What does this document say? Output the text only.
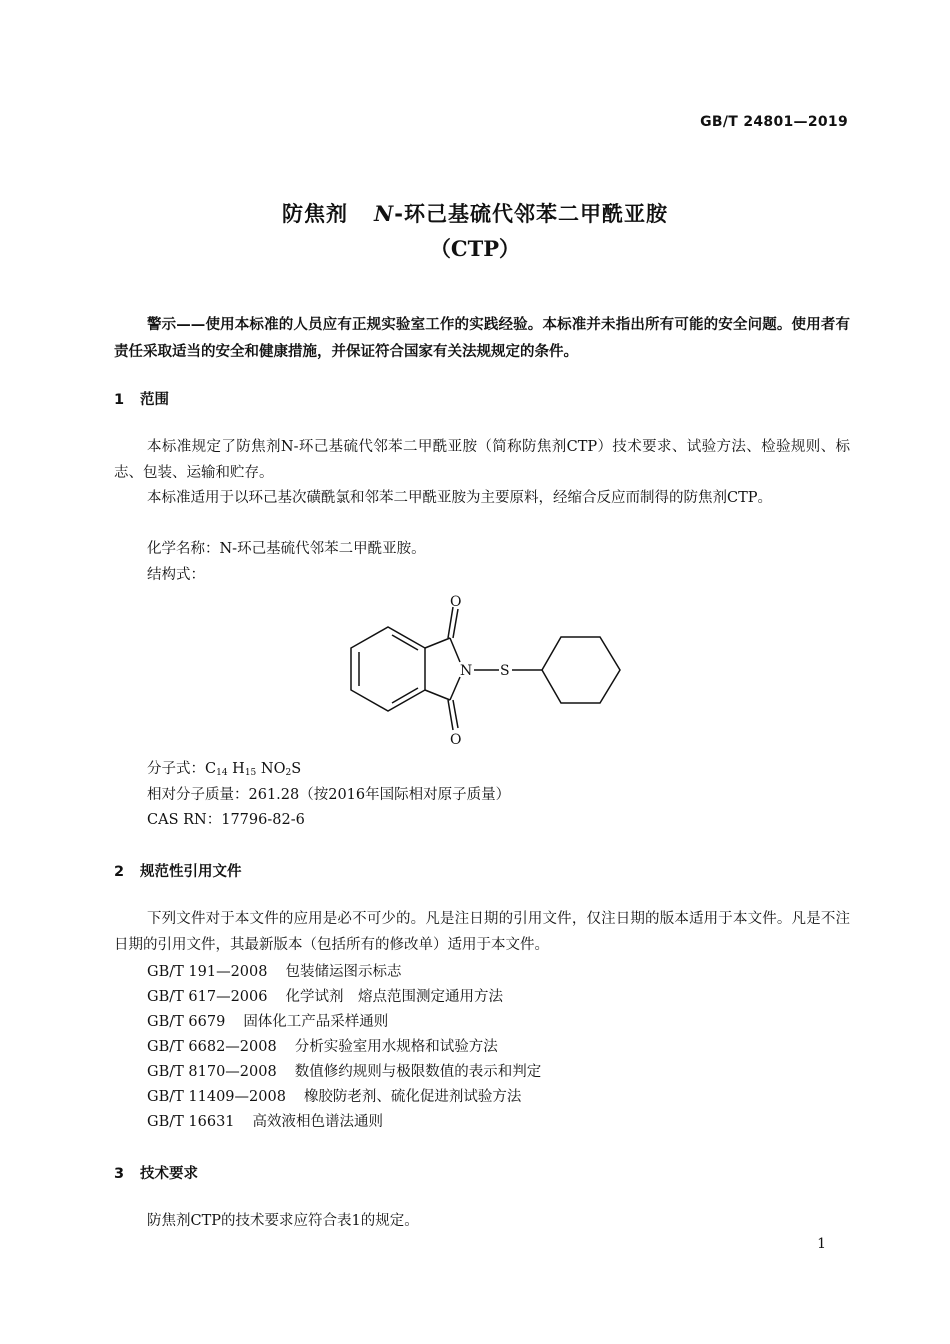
GB/T 24801—2019
防焦剂 N-环己基硫代邻苯二甲酰亚胺
（CTP）
警示——使用本标准的人员应有正规实验室工作的实践经验。本标准并未指出所有可能的安全问题。使用者有责任采取适当的安全和健康措施，并保证符合国家有关法规规定的条件。
1 范围
本标准规定了防焦剂N-环己基硫代邻苯二甲酰亚胺（简称防焦剂CTP）技术要求、试验方法、检验规则、标志、包装、运输和贮存。
本标准适用于以环己基次磺酰氯和邻苯二甲酰亚胺为主要原料，经缩合反应而制得的防焦剂CTP。
化学名称：N-环己基硫代邻苯二甲酰亚胺。
结构式：
O
O
N S
分子式：$C_{14}$ $H_{15}$ $NO_2S$
相对分子质量：261.28（按2016年国际相对原子质量）
CAS RN：17796-82-6
2 规范性引用文件
下列文件对于本文件的应用是必不可少的。凡是注日期的引用文件，仅注日期的版本适用于本文件。凡是不注日期的引用文件，其最新版本（包括所有的修改单）适用于本文件。
GB/T 191—2008 包装储运图示标志
GB/T 617—2006 化学试剂　熔点范围测定通用方法
GB/T 6679 固体化工产品采样通则
GB/T 6682—2008 分析实验室用水规格和试验方法
GB/T 8170—2008 数值修约规则与极限数值的表示和判定
GB/T 11409—2008 橡胶防老剂、硫化促进剂试验方法
GB/T 16631 高效液相色谱法通则
3 技术要求
防焦剂CTP的技术要求应符合表1的规定。
1
